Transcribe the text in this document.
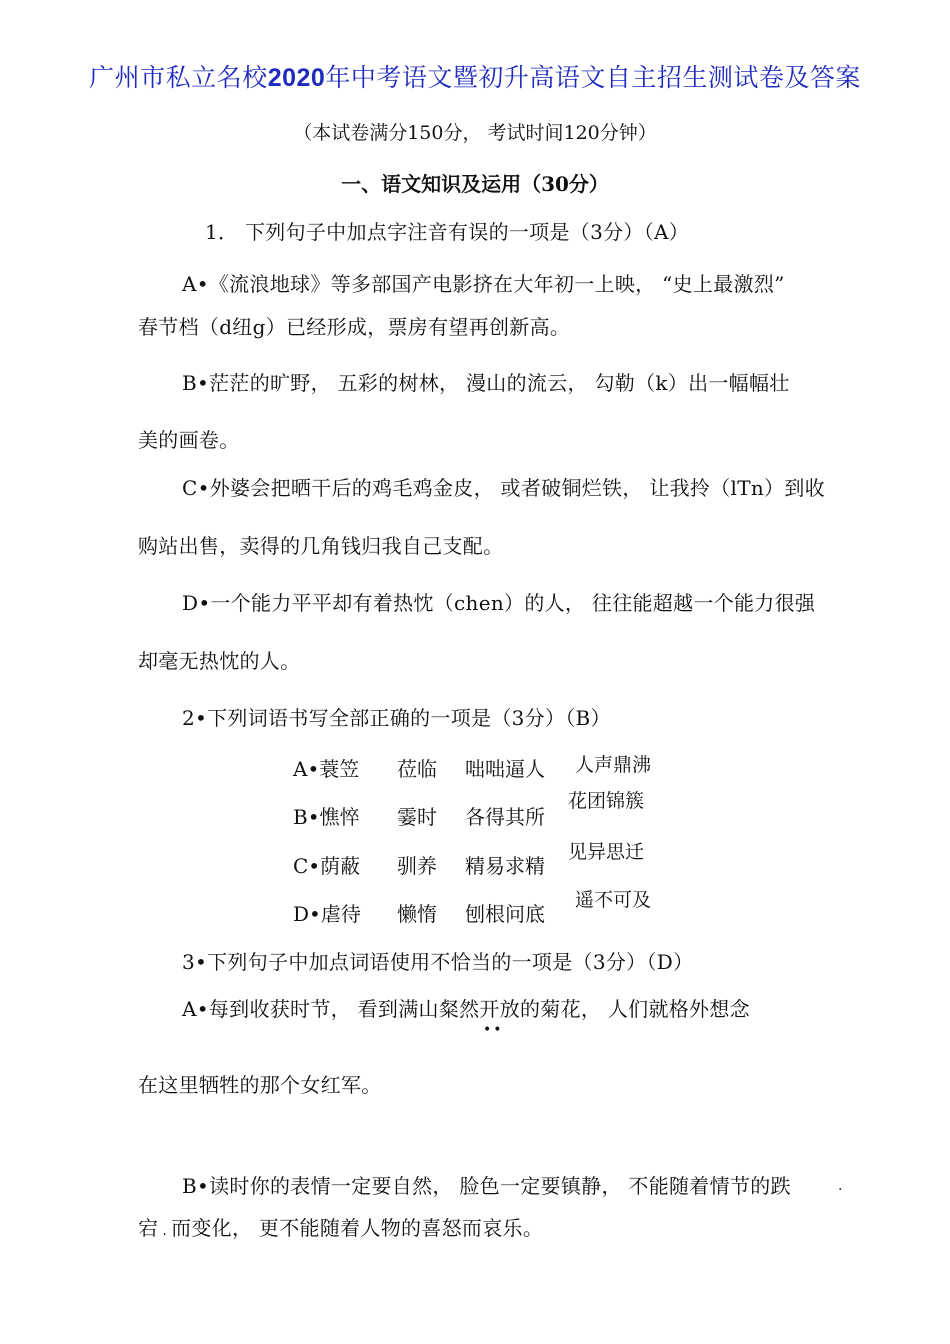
广州市私立名校2020年中考语文暨初升高语文自主招生测试卷及答案
（本试卷满分150分， 考试时间120分钟）
一、语文知识及运用（30分）
1． 下列句子中加点字注音有误的一项是（3分）（A）
A•《流浪地球》等多部国产电影挤在大年初一上映， “史上最激烈”
春节档（d纽g）已经形成，票房有望再创新高。
B•茫茫的旷野， 五彩的树林， 漫山的流云， 勾勒（k）出一幅幅壮
美的画卷。
C•外婆会把晒干后的鸡毛鸡金皮， 或者破铜烂铁， 让我拎（lTn）到收
购站出售，卖得的几角钱归我自己支配。
D•一个能力平平却有着热忱（chen）的人， 往往能超越一个能力很强
却毫无热忱的人。
2•下列词语书写全部正确的一项是（3分）（B）
A•蓑笠 莅临 咄咄逼人 人声鼎沸
B•憔悴 霎时 各得其所
花团锦簇
C•荫蔽 驯养 精易求精
见异思迁
D•虐待 懒惰 刨根问底
遥不可及
3•下列句子中加点词语使用不恰当的一项是（3分）（D）
A•每到收获时节， 看到满山粲然开放的菊花， 人们就格外想念
••
在这里牺牲的那个女红军。
B•读时你的表情一定要自然， 脸色一定要镇静， 不能随着情节的跌	.
宕 . 而变化， 更不能随着人物的喜怒而哀乐。
